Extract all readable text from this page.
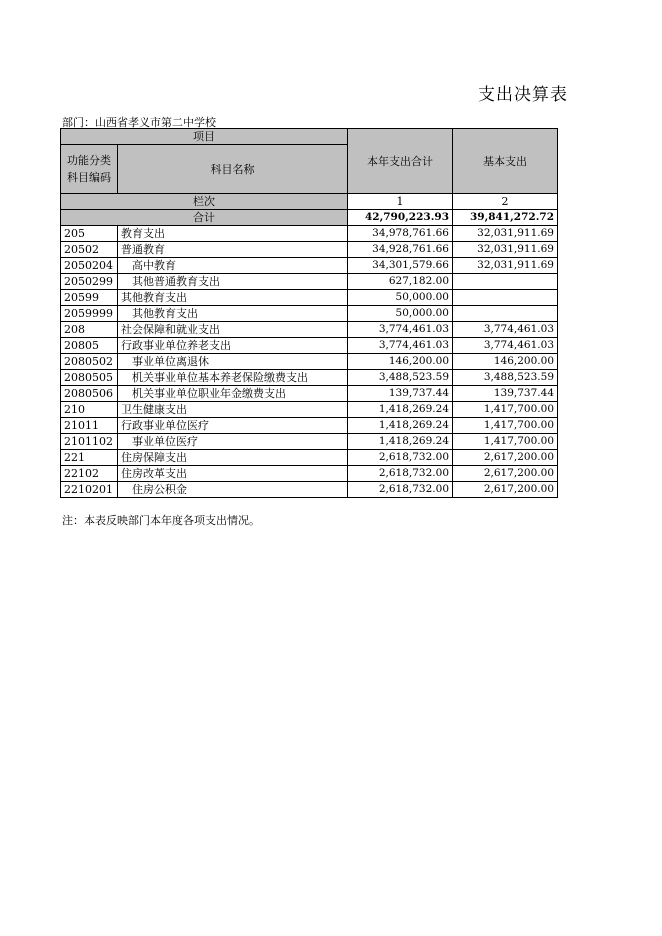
支出决算表
部门：山西省孝义市第二中学校
项目		本年支出合计	基本支出

功能分类
科目编码	科目名称		

栏次		1	2
合计		42,790,223.93	39,841,272.72
205	教育支出	34,978,761.66	32,031,911.69
20502	普通教育	34,928,761.66	32,031,911.69
2050204	高中教育	34,301,579.66	32,031,911.69
2050299	其他普通教育支出	627,182.00	
20599	其他教育支出	50,000.00	
2059999	其他教育支出	50,000.00	
208	社会保障和就业支出	3,774,461.03	3,774,461.03
20805	行政事业单位养老支出	3,774,461.03	3,774,461.03
2080502	事业单位离退休	146,200.00	146,200.00
2080505	机关事业单位基本养老保险缴费支出	3,488,523.59	3,488,523.59
2080506	机关事业单位职业年金缴费支出	139,737.44	139,737.44
210	卫生健康支出	1,418,269.24	1,417,700.00
21011	行政事业单位医疗	1,418,269.24	1,417,700.00
2101102	事业单位医疗	1,418,269.24	1,417,700.00
221	住房保障支出	2,618,732.00	2,617,200.00
22102	住房改革支出	2,618,732.00	2,617,200.00
2210201	住房公积金	2,618,732.00	2,617,200.00
注：本表反映部门本年度各项支出情况。
